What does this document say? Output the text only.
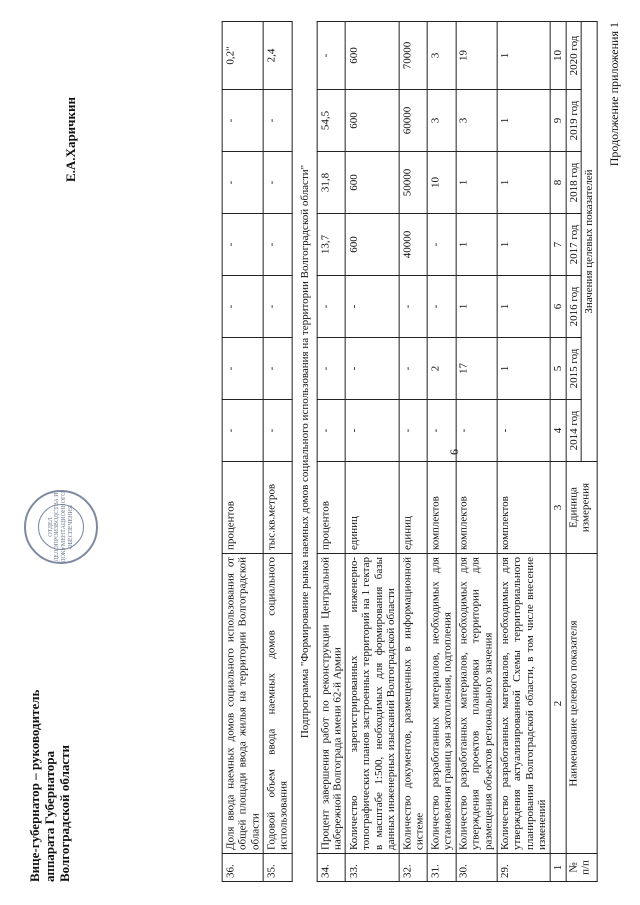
Продолжение приложения 1
6
№ п/п	Наименование целевого показателя	Единица измерения	Значения целевых показателей						
			2014 год	2015 год	2016 год	2017 год	2018 год	2019 год	2020 год
1	2	3	4	5	6	7	8	9	10
29.	Количество разработанных материалов, необходимых для утверждения актуализированной Схемы территориального планирования Волгоградской области, в том числе внесение изменений	комплектов	-	1	1	1	1	1	1
30.	Количество разработанных материалов, необходимых для утверждения проектов планировки территории для размещения объектов регионального значения	комплектов	-	17	1	1	1	3	19
31.	Количество разработанных материалов, необходимых для установления границ зон затопления, подтопления	комплектов	-	2	-	-	10	3	3
32.	Количество документов, размещенных в информационной системе	единиц	-	-	-	40000	50000	60000	70000
33.	Количество зарегистрированных инженерно-топографических планов застроенных территорий на 1 гектар в масштабе 1:500, необходимых для формирования базы данных инженерных изысканий Волгоградской области	единиц	-	-	-	600	600	600	600
34.	Процент завершения работ по реконструкции Центральной набережной Волгограда имени 62-й Армии	процентов	-	-	-	13,7	31,8	54,5	-
Подпрограмма "Формирование рынка наемных домов социального использования на территории Волгоградской области"									
35.	Годовой объем ввода наемных домов социального использования	тыс.кв.метров	-	-	-	-	-	-	2,4
36.	Доля ввода наемных домов социального использования от общей площади ввода жилья на территории Волгоградской области	процентов	-	-	-	-	-	-	0,2"
Вице-губернатор – руководитель аппарата Губернатора Волгоградской области
Е.А.Харичкин
ОТДЕЛ ДЕЛОПРОИЗВОДСТВА И ДОКУМЕНТАЦИОННОГО ОБЕСПЕЧЕНИЯ
